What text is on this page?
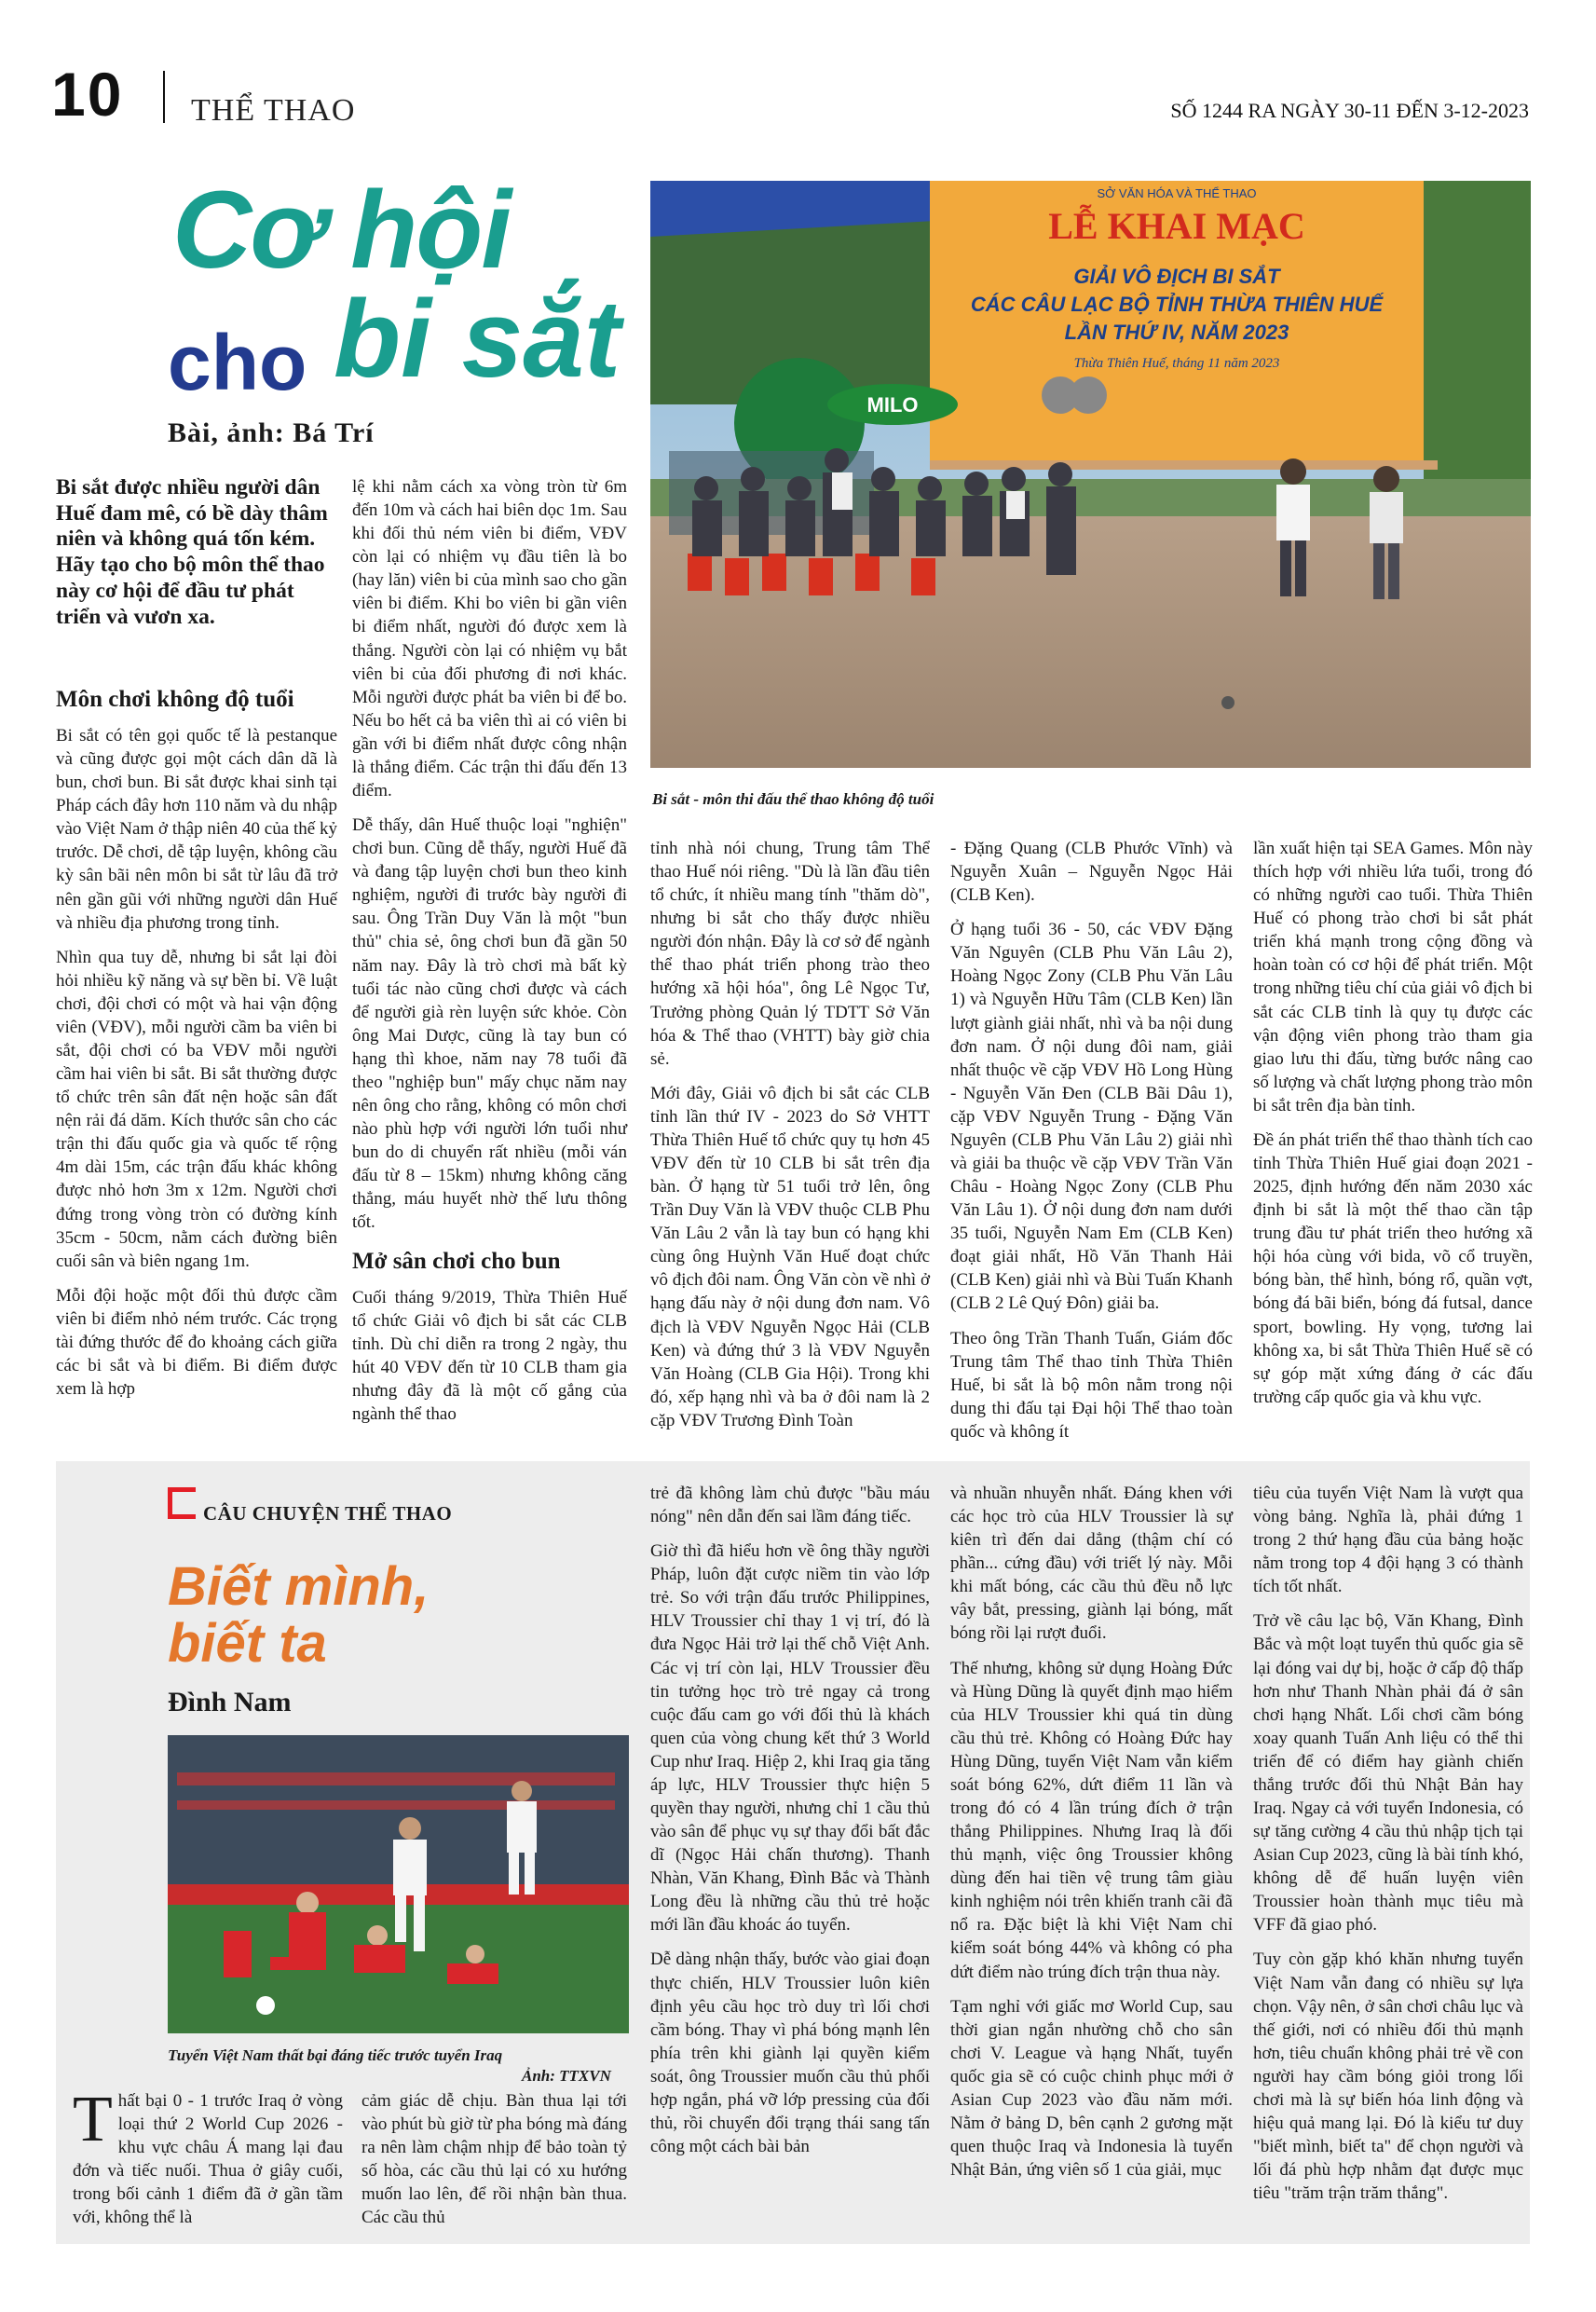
10 THỂ THAO	SỐ 1244 RA NGÀY 30-11 ĐẾN 3-12-2023
Cơ hội
cho bi sắt
Bài, ảnh: Bá Trí
Bi sắt được nhiều người dân Huế đam mê, có bề dày thâm niên và không quá tốn kém. Hãy tạo cho bộ môn thể thao này cơ hội để đầu tư phát triển và vươn xa.
Môn chơi không độ tuổi

Bi sắt có tên gọi quốc tế là pestanque và cũng được gọi một cách dân dã là bun, chơi bun. Bi sắt được khai sinh tại Pháp cách đây hơn 110 năm và du nhập vào Việt Nam ở thập niên 40 của thế kỷ trước. Dễ chơi, dễ tập luyện, không cầu kỳ sân bãi nên môn bi sắt từ lâu đã trở nên gần gũi với những người dân Huế và nhiều địa phương trong tỉnh.

Nhìn qua tuy dễ, nhưng bi sắt lại đòi hỏi nhiều kỹ năng và sự bền bỉ. Về luật chơi, đội chơi có một và hai vận động viên (VĐV), mỗi người cầm ba viên bi sắt, đội chơi có ba VĐV mỗi người cầm hai viên bi sắt. Bi sắt thường được tổ chức trên sân đất nện hoặc sân đất nện rải đá dăm. Kích thước sân cho các trận thi đấu quốc gia và quốc tế rộng 4m dài 15m, các trận đấu khác không được nhỏ hơn 3m x 12m. Người chơi đứng trong vòng tròn có đường kính 35cm - 50cm, nằm cách đường biên cuối sân và biên ngang 1m.

Mỗi đội hoặc một đối thủ được cầm viên bi điểm nhỏ ném trước. Các trọng tài đứng thước để đo khoảng cách giữa các bi sắt và bi điểm. Bi điểm được xem là hợp

lệ khi nằm cách xa vòng tròn từ 6m đến 10m và cách hai biên dọc 1m. Sau khi đối thủ ném viên bi điểm, VĐV còn lại có nhiệm vụ đầu tiên là bo (hay lăn) viên bi của mình sao cho gần viên bi điểm. Khi bo viên bi gần viên bi điểm nhất, người đó được xem là thắng. Người còn lại có nhiệm vụ bắt viên bi của đối phương đi nơi khác. Mỗi người được phát ba viên bi để bo. Nếu bo hết cả ba viên thì ai có viên bi gần với bi điểm nhất được công nhận là thắng điểm. Các trận thi đấu đến 13 điểm.

Dễ thấy, dân Huế thuộc loại "nghiện" chơi bun. Cũng dễ thấy, người Huế đã và đang tập luyện chơi bun theo kinh nghiệm, người đi trước bày người đi sau. Ông Trần Duy Văn là một "bun thủ" chia sẻ, ông chơi bun đã gần 50 năm nay. Đây là trò chơi mà bất kỳ tuổi tác nào cũng chơi được và cách để người già rèn luyện sức khỏe. Còn ông Mai Dược, cũng là tay bun có hạng thì khoe, năm nay 78 tuổi đã theo "nghiệp bun" mấy chục năm nay nên ông cho rằng, không có môn chơi nào phù hợp với người lớn tuổi như bun do di chuyển rất nhiều (mỗi ván đấu từ 8 – 15km) nhưng không căng thẳng, máu huyết nhờ thế lưu thông tốt.

Mở sân chơi cho bun

Cuối tháng 9/2019, Thừa Thiên Huế tổ chức Giải vô địch bi sắt các CLB tỉnh. Dù chỉ diễn ra trong 2 ngày, thu hút 40 VĐV đến từ 10 CLB tham gia nhưng đây đã là một cố gắng của ngành thể thao

MILO
SỞ VĂN HÓA VÀ THỂ THAO
LỄ KHAI MẠC
GIẢI VÔ ĐỊCH BI SẮT
CÁC CÂU LẠC BỘ TỈNH THỪA THIÊN HUẾ
LẦN THỨ IV, NĂM 2023
Thừa Thiên Huế, tháng 11 năm 2023
Bi sắt - môn thi đấu thể thao không độ tuổi

tỉnh nhà nói chung, Trung tâm Thể thao Huế nói riêng. "Dù là lần đầu tiên tổ chức, ít nhiều mang tính "thăm dò", nhưng bi sắt cho thấy được nhiều người đón nhận. Đây là cơ sở để ngành thể thao phát triển phong trào theo hướng xã hội hóa", ông Lê Ngọc Tư, Trưởng phòng Quản lý TDTT Sở Văn hóa & Thể thao (VHTT) bày giờ chia sẻ.

Mới đây, Giải vô địch bi sắt các CLB tỉnh lần thứ IV - 2023 do Sở VHTT Thừa Thiên Huế tổ chức quy tụ hơn 45 VĐV đến từ 10 CLB bi sắt trên địa bàn. Ở hạng từ 51 tuổi trở lên, ông Trần Duy Văn là VĐV thuộc CLB Phu Văn Lâu 2 vẫn là tay bun có hạng khi cùng ông Huỳnh Văn Huế đoạt chức vô địch đôi nam. Ông Văn còn về nhì ở hạng đấu này ở nội dung đơn nam. Vô địch là VĐV Nguyễn Ngọc Hải (CLB Ken) và đứng thứ 3 là VĐV Nguyễn Văn Hoàng (CLB Gia Hội). Trong khi đó, xếp hạng nhì và ba ở đôi nam là 2 cặp VĐV Trương Đình Toàn

- Đặng Quang (CLB Phước Vĩnh) và Nguyễn Xuân – Nguyễn Ngọc Hải (CLB Ken).

Ở hạng tuổi 36 - 50, các VĐV Đặng Văn Nguyên (CLB Phu Văn Lâu 2), Hoàng Ngọc Zony (CLB Phu Văn Lâu 1) và Nguyễn Hữu Tâm (CLB Ken) lần lượt giành giải nhất, nhì và ba nội dung đơn nam. Ở nội dung đôi nam, giải nhất thuộc về cặp VĐV Hồ Long Hùng - Nguyễn Văn Đen (CLB Bãi Dâu 1), cặp VĐV Nguyễn Trung - Đặng Văn Nguyên (CLB Phu Văn Lâu 2) giải nhì và giải ba thuộc về cặp VĐV Trần Văn Châu - Hoàng Ngọc Zony (CLB Phu Văn Lâu 1). Ở nội dung đơn nam dưới 35 tuổi, Nguyễn Nam Em (CLB Ken) đoạt giải nhất, Hồ Văn Thanh Hải (CLB Ken) giải nhì và Bùi Tuấn Khanh (CLB 2 Lê Quý Đôn) giải ba.

Theo ông Trần Thanh Tuấn, Giám đốc Trung tâm Thể thao tỉnh Thừa Thiên Huế, bi sắt là bộ môn nằm trong nội dung thi đấu tại Đại hội Thể thao toàn quốc và không ít

lần xuất hiện tại SEA Games. Môn này thích hợp với nhiều lứa tuổi, trong đó có những người cao tuổi. Thừa Thiên Huế có phong trào chơi bi sắt phát triển khá mạnh trong cộng đồng và hoàn toàn có cơ hội để phát triển. Một trong những tiêu chí của giải vô địch bi sắt các CLB tỉnh là quy tụ được các vận động viên phong trào tham gia giao lưu thi đấu, từng bước nâng cao số lượng và chất lượng phong trào môn bi sắt trên địa bàn tỉnh.

Đề án phát triển thể thao thành tích cao tỉnh Thừa Thiên Huế giai đoạn 2021 - 2025, định hướng đến năm 2030 xác định bi sắt là một thế thao cần tập trung đầu tư phát triển theo hướng xã hội hóa cùng với bida, võ cổ truyền, bóng bàn, thể hình, bóng rổ, quần vợt, bóng đá bãi biển, bóng đá futsal, dance sport, bowling. Hy vọng, tương lai không xa, bi sắt Thừa Thiên Huế sẽ có sự góp mặt xứng đáng ở các đấu trường cấp quốc gia và khu vực.

CÂU CHUYỆN THỂ THAO
Biết mình,
biết ta
Đình Nam
Tuyển Việt Nam thất bại đáng tiếc trước tuyển Iraq
Ảnh: TTXVN

Thất bại 0 - 1 trước Iraq ở vòng loại thứ 2 World Cup 2026 - khu vực châu Á mang lại đau đớn và tiếc nuối. Thua ở giây cuối, trong bối cảnh 1 điểm đã ở gần tầm với, không thể là

cảm giác dễ chịu. Bàn thua lại tới vào phút bù giờ từ pha bóng mà đáng ra nên làm chậm nhịp để bảo toàn tỷ số hòa, các cầu thủ lại có xu hướng muốn lao lên, để rồi nhận bàn thua. Các cầu thủ

trẻ đã không làm chủ được "bầu máu nóng" nên dẫn đến sai lầm đáng tiếc.

Giờ thì đã hiểu hơn về ông thầy người Pháp, luôn đặt cược niềm tin vào lớp trẻ. So với trận đấu trước Philippines, HLV Troussier chỉ thay 1 vị trí, đó là đưa Ngọc Hải trở lại thế chỗ Việt Anh. Các vị trí còn lại, HLV Troussier đều tin tưởng học trò trẻ ngay cả trong cuộc đấu cam go với đối thủ là khách quen của vòng chung kết thứ 3 World Cup như Iraq. Hiệp 2, khi Iraq gia tăng áp lực, HLV Troussier thực hiện 5 quyền thay người, nhưng chỉ 1 cầu thủ vào sân để phục vụ sự thay đổi bất đắc dĩ (Ngọc Hải chấn thương). Thanh Nhàn, Văn Khang, Đình Bắc và Thành Long đều là những cầu thủ trẻ hoặc mới lần đầu khoác áo tuyển.

Dễ dàng nhận thấy, bước vào giai đoạn thực chiến, HLV Troussier luôn kiên định yêu cầu học trò duy trì lối chơi cầm bóng. Thay vì phá bóng mạnh lên phía trên khi giành lại quyền kiểm soát, ông Troussier muốn cầu thủ phối hợp ngắn, phá vỡ lớp pressing của đối thủ, rồi chuyển đổi trạng thái sang tấn công một cách bài bản

và nhuần nhuyễn nhất. Đáng khen với các học trò của HLV Troussier là sự kiên trì đến dai dẳng (thậm chí có phần... cứng đầu) với triết lý này. Mỗi khi mất bóng, các cầu thủ đều nỗ lực vây bắt, pressing, giành lại bóng, mất bóng rồi lại rượt đuổi.

Thế nhưng, không sử dụng Hoàng Đức và Hùng Dũng là quyết định mạo hiểm của HLV Troussier khi quá tin dùng cầu thủ trẻ. Không có Hoàng Đức hay Hùng Dũng, tuyển Việt Nam vẫn kiểm soát bóng 62%, dứt điểm 11 lần và trong đó có 4 lần trúng đích ở trận thắng Philippines. Nhưng Iraq là đối thủ mạnh, việc ông Troussier không dùng đến hai tiền vệ trung tâm giàu kinh nghiệm nói trên khiến tranh cãi đã nổ ra. Đặc biệt là khi Việt Nam chỉ kiểm soát bóng 44% và không có pha dứt điểm nào trúng đích trận thua này.

Tạm nghỉ với giấc mơ World Cup, sau thời gian ngắn nhường chỗ cho sân chơi V. League và hạng Nhất, tuyển quốc gia sẽ có cuộc chinh phục mới ở Asian Cup 2023 vào đầu năm mới. Nằm ở bảng D, bên cạnh 2 gương mặt quen thuộc Iraq và Indonesia là tuyển Nhật Bản, ứng viên số 1 của giải, mục

tiêu của tuyển Việt Nam là vượt qua vòng bảng. Nghĩa là, phải đứng 1 trong 2 thứ hạng đầu của bảng hoặc nằm trong top 4 đội hạng 3 có thành tích tốt nhất.

Trở về câu lạc bộ, Văn Khang, Đình Bắc và một loạt tuyển thủ quốc gia sẽ lại đóng vai dự bị, hoặc ở cấp độ thấp hơn như Thanh Nhàn phải đá ở sân chơi hạng Nhất. Lối chơi cầm bóng xoay quanh Tuấn Anh liệu có thể thi triển để có điểm hay giành chiến thắng trước đối thủ Nhật Bản hay Iraq. Ngay cả với tuyển Indonesia, có sự tăng cường 4 cầu thủ nhập tịch tại Asian Cup 2023, cũng là bài tính khó, không dễ để huấn luyện viên Troussier hoàn thành mục tiêu mà VFF đã giao phó.

Tuy còn gặp khó khăn nhưng tuyển Việt Nam vẫn đang có nhiều sự lựa chọn. Vậy nên, ở sân chơi châu lục và thế giới, nơi có nhiều đối thủ mạnh hơn, tiêu chuẩn không phải trẻ về con người hay cầm bóng giỏi trong lối chơi mà là sự biến hóa linh động và hiệu quả mang lại. Đó là kiểu tư duy "biết mình, biết ta" để chọn người và lối đá phù hợp nhằm đạt được mục tiêu "trăm trận trăm thắng".
